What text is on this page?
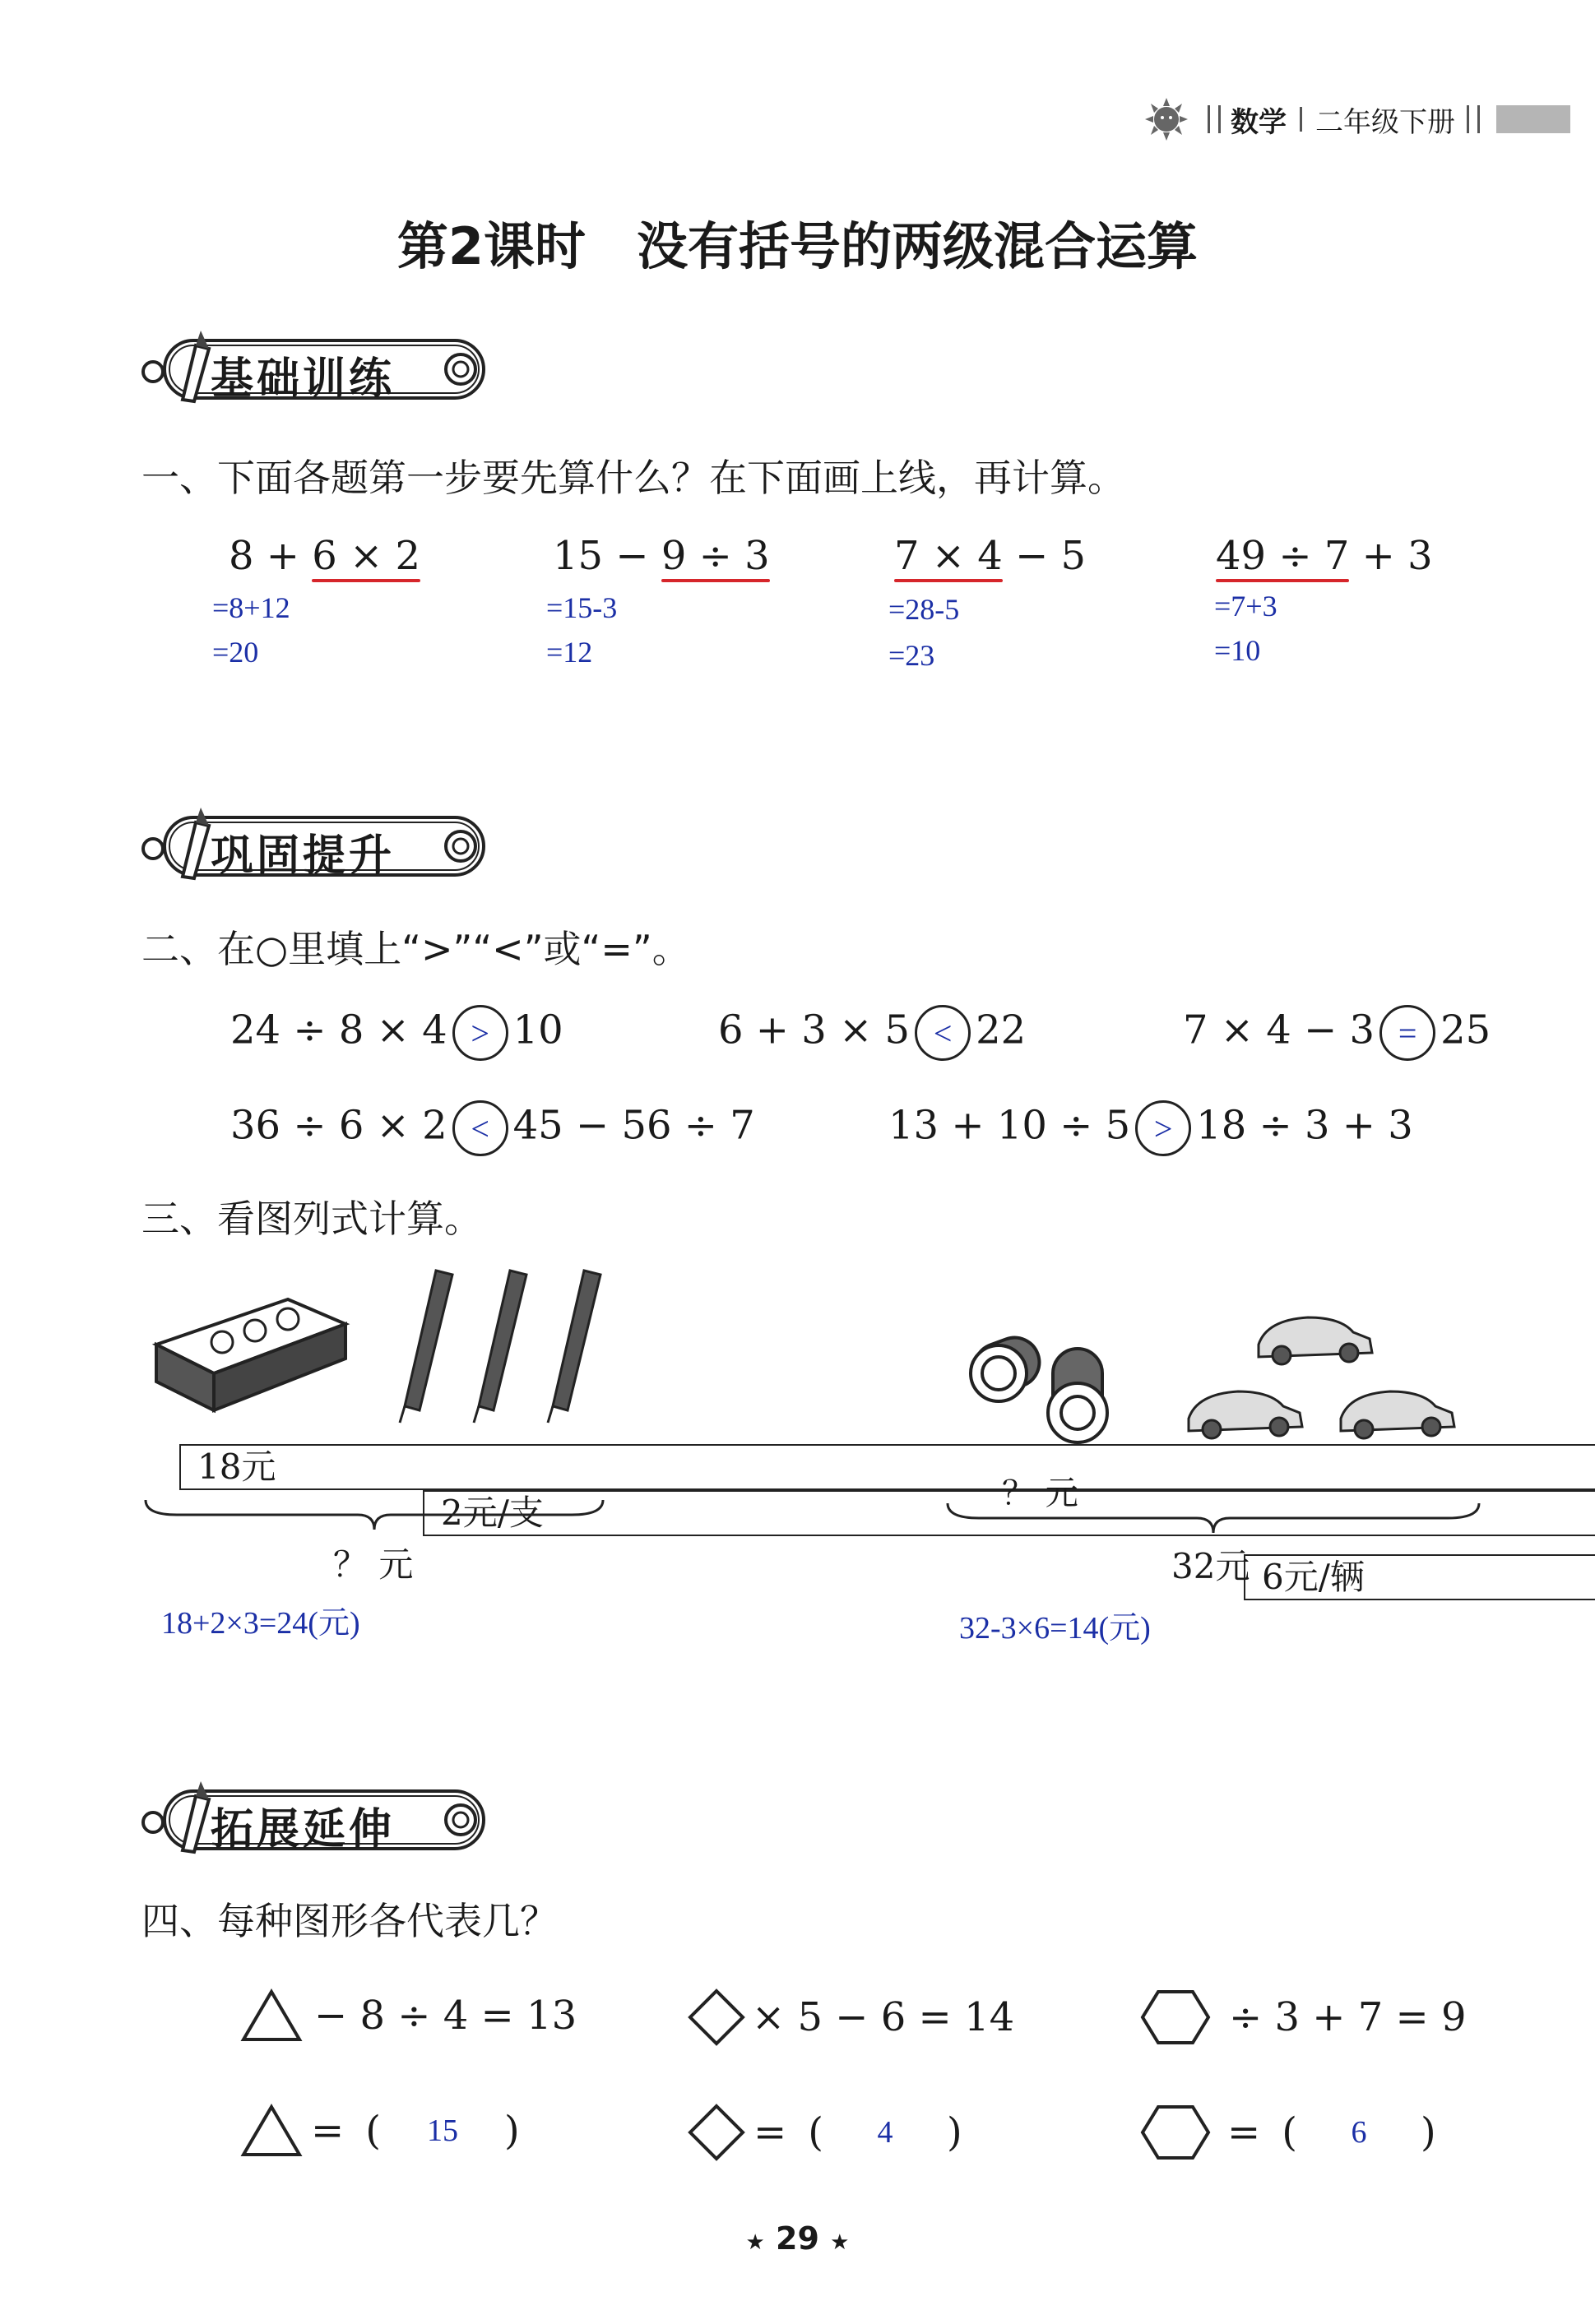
数学 二年级下册
第2课时　没有括号的两级混合运算
基础训练
一、下面各题第一步要先算什么？在下面画上线，再计算。
8 + 6 × 2
=8+12
=20
15 − 9 ÷ 3
=15-3
=12
7 × 4 − 5
=28-5
=23
49 ÷ 7 + 3
=7+3
=10
巩固提升
二、在○里填上“>”“<”或“=”。
24 ÷ 8 × 4 > 10	6 + 3 × 5 < 22	7 × 4 − 3 = 25
36 ÷ 6 × 2 < 45 − 56 ÷ 7	13 + 10 ÷ 5 > 18 ÷ 3 + 3
三、看图列式计算。
18元
2元/支
？ 元
18+2×3=24(元)
？ 元
6元/辆
32元
32-3×6=14(元)
拓展延伸
四、每种图形各代表几？
− 8 ÷ 4 = 13	× 5 − 6 = 14	÷ 3 + 7 = 9
= (	15	)	= (	4	)	= (	6	)
★ 29 ★
